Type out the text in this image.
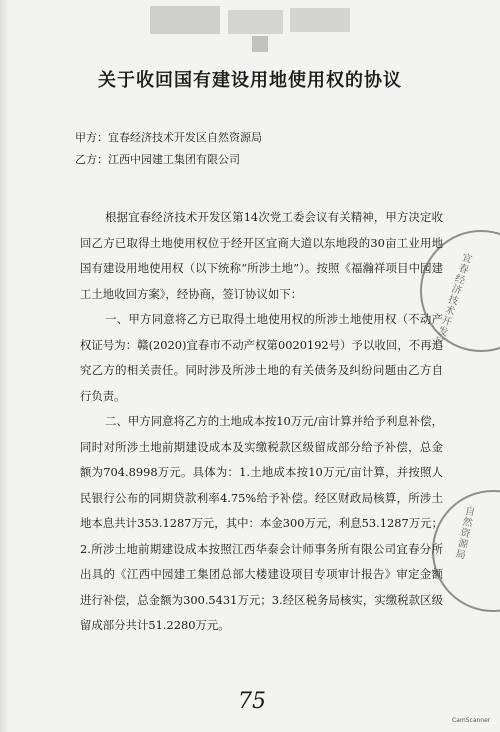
关于收回国有建设用地使用权的协议
甲方：宜春经济技术开发区自然资源局
乙方：江西中园建工集团有限公司

根据宜春经济技术开发区第14次党工委会议有关精神，甲方决定收回乙方已取得土地使用权位于经开区宜商大道以东地段的30亩工业用地国有建设用地使用权（以下统称“所涉土地”）。按照《福瀚祥项目中园建工土地收回方案》，经协商，签订协议如下：

一、甲方同意将乙方已取得土地使用权的所涉土地使用权（不动产权证号为：赣(2020)宜春市不动产权第0020192号）予以收回，不再追究乙方的相关责任。同时涉及所涉土地的有关债务及纠纷问题由乙方自行负责。

二、甲方同意将乙方的土地成本按10万元/亩计算并给予利息补偿，同时对所涉土地前期建设成本及实缴税款区级留成部分给予补偿，总金额为704.8998万元。具体为：1.土地成本按10万元/亩计算，并按照人民银行公布的同期贷款利率4.75%给予补偿。经区财政局核算，所涉土地本息共计353.1287万元，其中：本金300万元，利息53.1287万元；2.所涉土地前期建设成本按照江西华泰会计师事务所有限公司宜春分所出具的《江西中园建工集团总部大楼建设项目专项审计报告》审定金额进行补偿，总金额为300.5431万元；3.经区税务局核实，实缴税款区级留成部分共计51.2280万元。

宜春经济技术开发区
自然资源局
75
CamScanner
